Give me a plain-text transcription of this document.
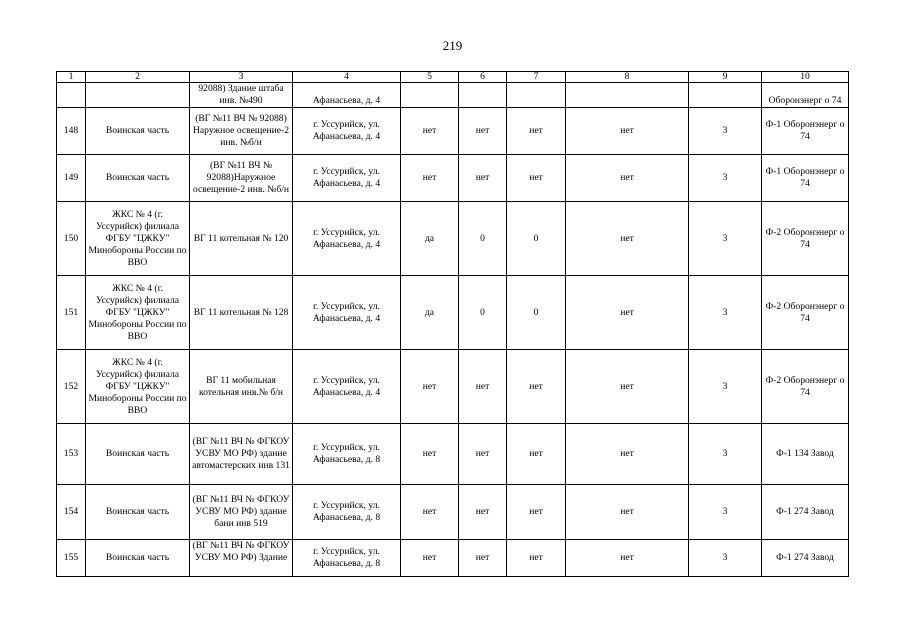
219
1	2	3	4	5	6	7	8	9	10
		92088) Здание штаба инв. №490	Афанасьева, д. 4						Оборонэнерг о 74
148	Воинская часть	(ВГ №11 ВЧ № 92088) Наружное освещение-2 инв. №б/н	г. Уссурийск, ул. Афанасьева, д. 4	нет	нет	нет	нет	3	Ф-1 Оборонэнерг о 74
149	Воинская часть	(ВГ №11 ВЧ № 92088)Наружное освещение-2 инв. №б/н	г. Уссурийск, ул. Афанасьева, д. 4	нет	нет	нет	нет	3	Ф-1 Оборонэнерг о 74
150	ЖКС № 4 (г. Уссурийск) филиала ФГБУ "ЦЖКУ" Минобороны России по ВВО	ВГ 11 котельная № 120	г. Уссурийск, ул. Афанасьева, д. 4	да	0	0	нет	3	Ф-2 Оборонэнерг о 74
151	ЖКС № 4 (г. Уссурийск) филиала ФГБУ "ЦЖКУ" Минобороны России по ВВО	ВГ 11 котельная № 128	г. Уссурийск, ул. Афанасьева, д. 4	да	0	0	нет	3	Ф-2 Оборонэнерг о 74
152	ЖКС № 4 (г. Уссурийск) филиала ФГБУ "ЦЖКУ" Минобороны России по ВВО	ВГ 11 мобильная котельная инв.№ б/н	г. Уссурийск, ул. Афанасьева, д. 4	нет	нет	нет	нет	3	Ф-2 Оборонэнерг о 74
153	Воинская часть	(ВГ №11 ВЧ № ФГКОУ УСВУ МО РФ) здание автомастерских инв 131	г. Уссурийск, ул. Афанасьева, д. 8	нет	нет	нет	нет	3	Ф-1 134 Завод
154	Воинская часть	(ВГ №11 ВЧ № ФГКОУ УСВУ МО РФ) здание бани инв 519	г. Уссурийск, ул. Афанасьева, д. 8	нет	нет	нет	нет	3	Ф-1 274 Завод
155	Воинская часть	(ВГ №11 ВЧ № ФГКОУ УСВУ МО РФ) Здание	г. Уссурийск, ул. Афанасьева, д. 8	нет	нет	нет	нет	3	Ф-1 274 Завод
